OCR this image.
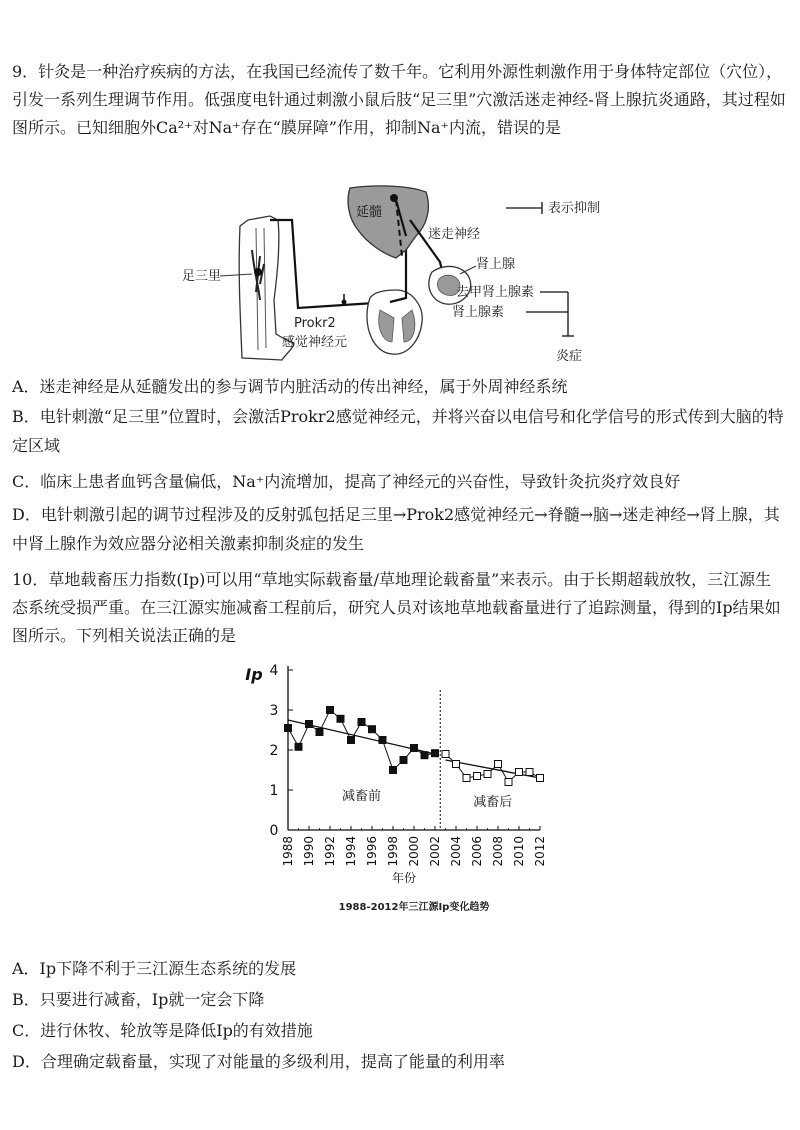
9．针灸是一种治疗疾病的方法，在我国已经流传了数千年。它利用外源性刺激作用于身体特定部位（穴位），引发一系列生理调节作用。低强度电针通过刺激小鼠后肢“足三里”穴激活迷走神经-肾上腺抗炎通路，其过程如图所示。已知细胞外Ca²⁺对Na⁺存在“膜屏障”作用，抑制Na⁺内流，错误的是

足三里
Prokr2
感觉神经元
延髓
迷走神经
表示抑制
肾上腺
去甲肾上腺素
肾上腺素
炎症

A．迷走神经是从延髓发出的参与调节内脏活动的传出神经，属于外周神经系统

B．电针刺激“足三里”位置时，会激活Prokr2感觉神经元，并将兴奋以电信号和化学信号的形式传到大脑的特定区域

C．临床上患者血钙含量偏低，Na⁺内流增加，提高了神经元的兴奋性，导致针灸抗炎疗效良好

D．电针刺激引起的调节过程涉及的反射弧包括足三里→Prok2感觉神经元→脊髓→脑→迷走神经→肾上腺，其中肾上腺作为效应器分泌相关激素抑制炎症的发生

10．草地载畜压力指数(Ip)可以用“草地实际载畜量/草地理论载畜量”来表示。由于长期超载放牧，三江源生态系统受损严重。在三江源实施减畜工程前后，研究人员对该地草地载畜量进行了追踪测量，得到的Ip结果如图所示。下列相关说法正确的是

0
1
2
3
4
Ip
1988 1990 1992 1994 1996 1998 2000 2002 2004 2006 2008 2010 2012
年份
减畜前	减畜后
1988-2012年三江源Ip变化趋势

A．Ip下降不利于三江源生态系统的发展

B．只要进行减畜，Ip就一定会下降

C．进行休牧、轮放等是降低Ip的有效措施

D．合理确定载畜量，实现了对能量的多级利用，提高了能量的利用率
